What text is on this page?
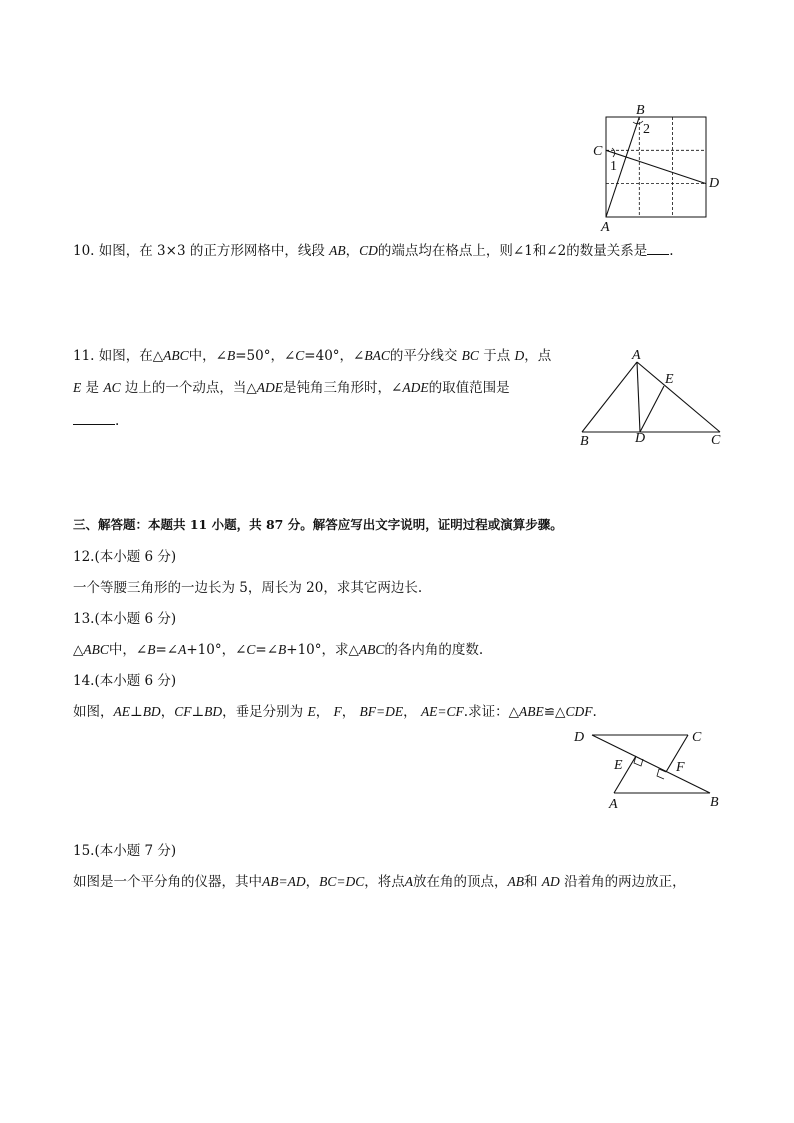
B
2
C
1
D
A
10. 如图，在 3×3 的正方形网格中，线段 AB，CD的端点均在格点上，则∠1和∠2的数量关系是 .
11. 如图，在△ABC中，∠B=50°，∠C=40°，∠BAC的平分线交 BC 于点 D，点
E 是 AC 边上的一个动点，当△ADE是钝角三角形时，∠ADE的取值范围是
.
A
E
B	D	C
三、解答题：本题共 11 小题，共 87 分。解答应写出文字说明，证明过程或演算步骤。
12.(本小题 6 分)
一个等腰三角形的一边长为 5，周长为 20，求其它两边长.
13.(本小题 6 分)
△ABC中，∠B=∠A+10°，∠C=∠B+10°，求△ABC的各内角的度数.
14.(本小题 6 分)
如图，AE⊥BD，CF⊥BD，垂足分别为 E， F， BF=DE， AE=CF.求证：△ABE≌△CDF.
D	C
E	F
A	B
15.(本小题 7 分)
如图是一个平分角的仪器，其中AB=AD，BC=DC，将点A放在角的顶点，AB和 AD 沿着角的两边放正，
